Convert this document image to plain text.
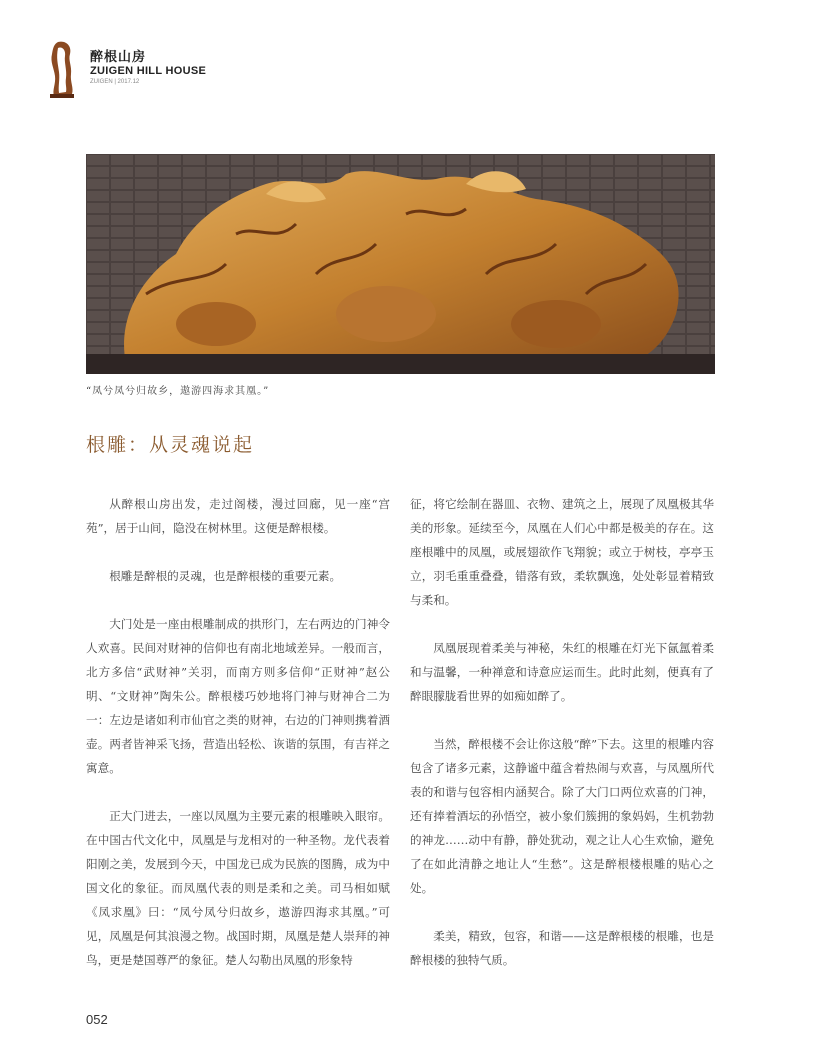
醉根山房
ZUIGEN HILL HOUSE
ZUIGEN | 2017.12
“凤兮凤兮归故乡，遨游四海求其凰。”
根雕：从灵魂说起

从醉根山房出发，走过阁楼，漫过回廊，见一座“宫苑”，居于山间，隐没在树林里。这便是醉根楼。

根雕是醉根的灵魂，也是醉根楼的重要元素。

大门处是一座由根雕制成的拱形门，左右两边的门神令人欢喜。民间对财神的信仰也有南北地域差异。一般而言，北方多信“武财神”关羽，而南方则多信仰“正财神”赵公明、“文财神”陶朱公。醉根楼巧妙地将门神与财神合二为一：左边是诸如利市仙官之类的财神，右边的门神则携着酒壶。两者皆神采飞扬，营造出轻松、诙谐的氛围，有吉祥之寓意。

正大门进去，一座以凤凰为主要元素的根雕映入眼帘。在中国古代文化中，凤凰是与龙相对的一种圣物。龙代表着阳刚之美，发展到今天，中国龙已成为民族的图腾，成为中国文化的象征。而凤凰代表的则是柔和之美。司马相如赋《凤求凰》曰：“凤兮凤兮归故乡，遨游四海求其凰。”可见，凤凰是何其浪漫之物。战国时期，凤凰是楚人崇拜的神鸟，更是楚国尊严的象征。楚人勾勒出凤凰的形象特

征，将它绘制在器皿、衣物、建筑之上，展现了凤凰极其华美的形象。延续至今，凤凰在人们心中都是极美的存在。这座根雕中的凤凰，或展翅欲作飞翔貌；或立于树枝，亭亭玉立，羽毛重重叠叠，错落有致，柔软飘逸，处处彰显着精致与柔和。

凤凰展现着柔美与神秘，朱红的根雕在灯光下氤氲着柔和与温馨，一种禅意和诗意应运而生。此时此刻，便真有了醉眼朦胧看世界的如痴如醉了。

当然，醉根楼不会让你这般“醉”下去。这里的根雕内容包含了诸多元素，这静谧中蕴含着热闹与欢喜，与凤凰所代表的和谐与包容相内涵契合。除了大门口两位欢喜的门神，还有捧着酒坛的孙悟空，被小象们簇拥的象妈妈，生机勃勃的神龙……动中有静，静处犹动，观之让人心生欢愉，避免了在如此清静之地让人“生愁”。这是醉根楼根雕的贴心之处。

柔美，精致，包容，和谐——这是醉根楼的根雕，也是醉根楼的独特气质。

052
